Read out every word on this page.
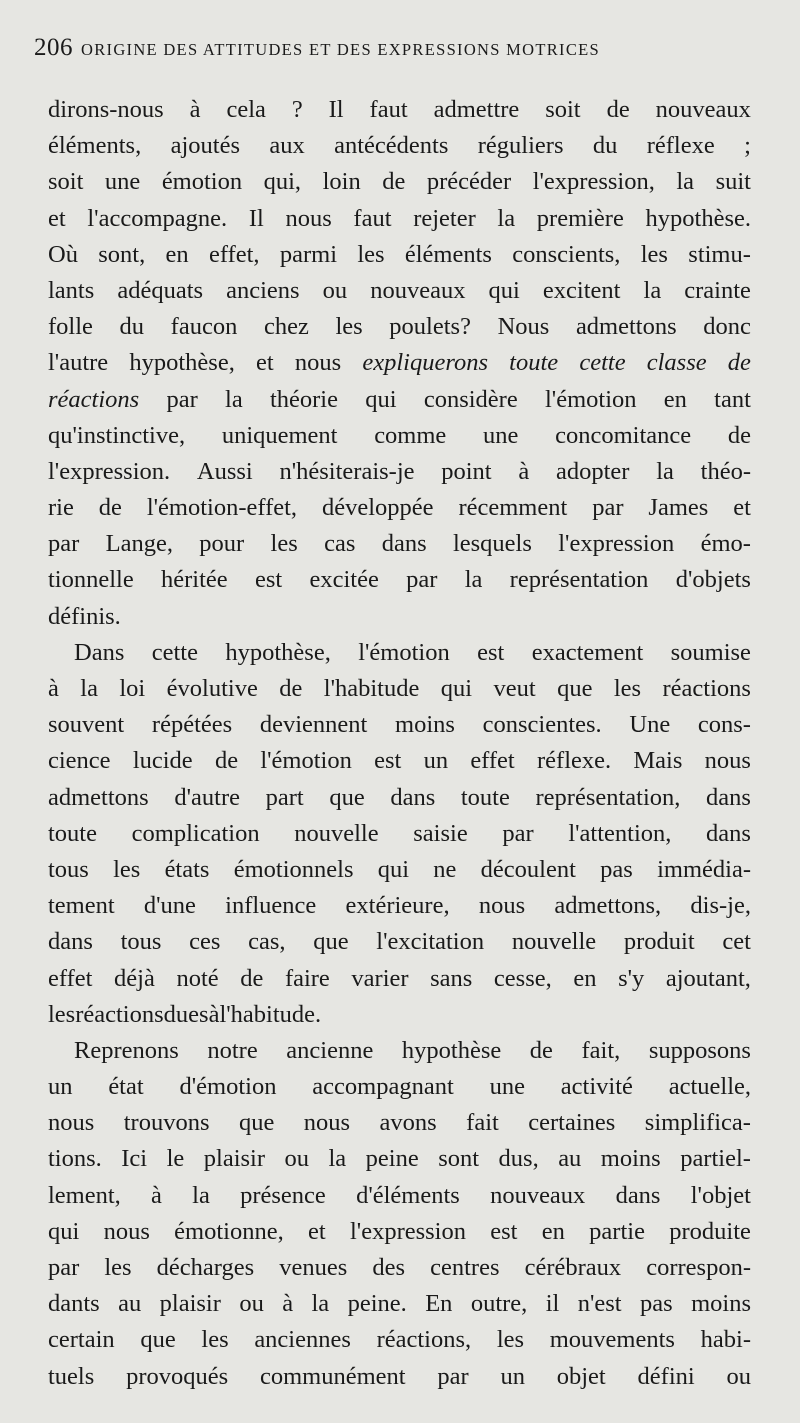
206 ORIGINE DES ATTITUDES ET DES EXPRESSIONS MOTRICES
dirons-nous à cela ? Il faut admettre soit de nouveaux
éléments, ajoutés aux antécédents réguliers du réflexe ;
soit une émotion qui, loin de précéder l'expression, la suit
et l'accompagne. Il nous faut rejeter la première hypothèse.
Où sont, en effet, parmi les éléments conscients, les stimu-
lants adéquats anciens ou nouveaux qui excitent la crainte
folle du faucon chez les poulets? Nous admettons donc
l'autre hypothèse, et nous expliquerons toute cette classe de
réactions par la théorie qui considère l'émotion en tant
qu'instinctive, uniquement comme une concomitance de
l'expression. Aussi n'hésiterais-je point à adopter la théo-
rie de l'émotion-effet, développée récemment par James et
par Lange, pour les cas dans lesquels l'expression émo-
tionnelle héritée est excitée par la représentation d'objets
définis.
Dans cette hypothèse, l'émotion est exactement soumise
à la loi évolutive de l'habitude qui veut que les réactions
souvent répétées deviennent moins conscientes. Une cons-
cience lucide de l'émotion est un effet réflexe. Mais nous
admettons d'autre part que dans toute représentation, dans
toute complication nouvelle saisie par l'attention, dans
tous les états émotionnels qui ne découlent pas immédia-
tement d'une influence extérieure, nous admettons, dis-je,
dans tous ces cas, que l'excitation nouvelle produit cet
effet déjà noté de faire varier sans cesse, en s'y ajoutant,
les réactions dues à l'habitude.
Reprenons notre ancienne hypothèse de fait, supposons
un état d'émotion accompagnant une activité actuelle,
nous trouvons que nous avons fait certaines simplifica-
tions. Ici le plaisir ou la peine sont dus, au moins partiel-
lement, à la présence d'éléments nouveaux dans l'objet
qui nous émotionne, et l'expression est en partie produite
par les décharges venues des centres cérébraux correspon-
dants au plaisir ou à la peine. En outre, il n'est pas moins
certain que les anciennes réactions, les mouvements habi-
tuels provoqués communément par un objet défini ou
